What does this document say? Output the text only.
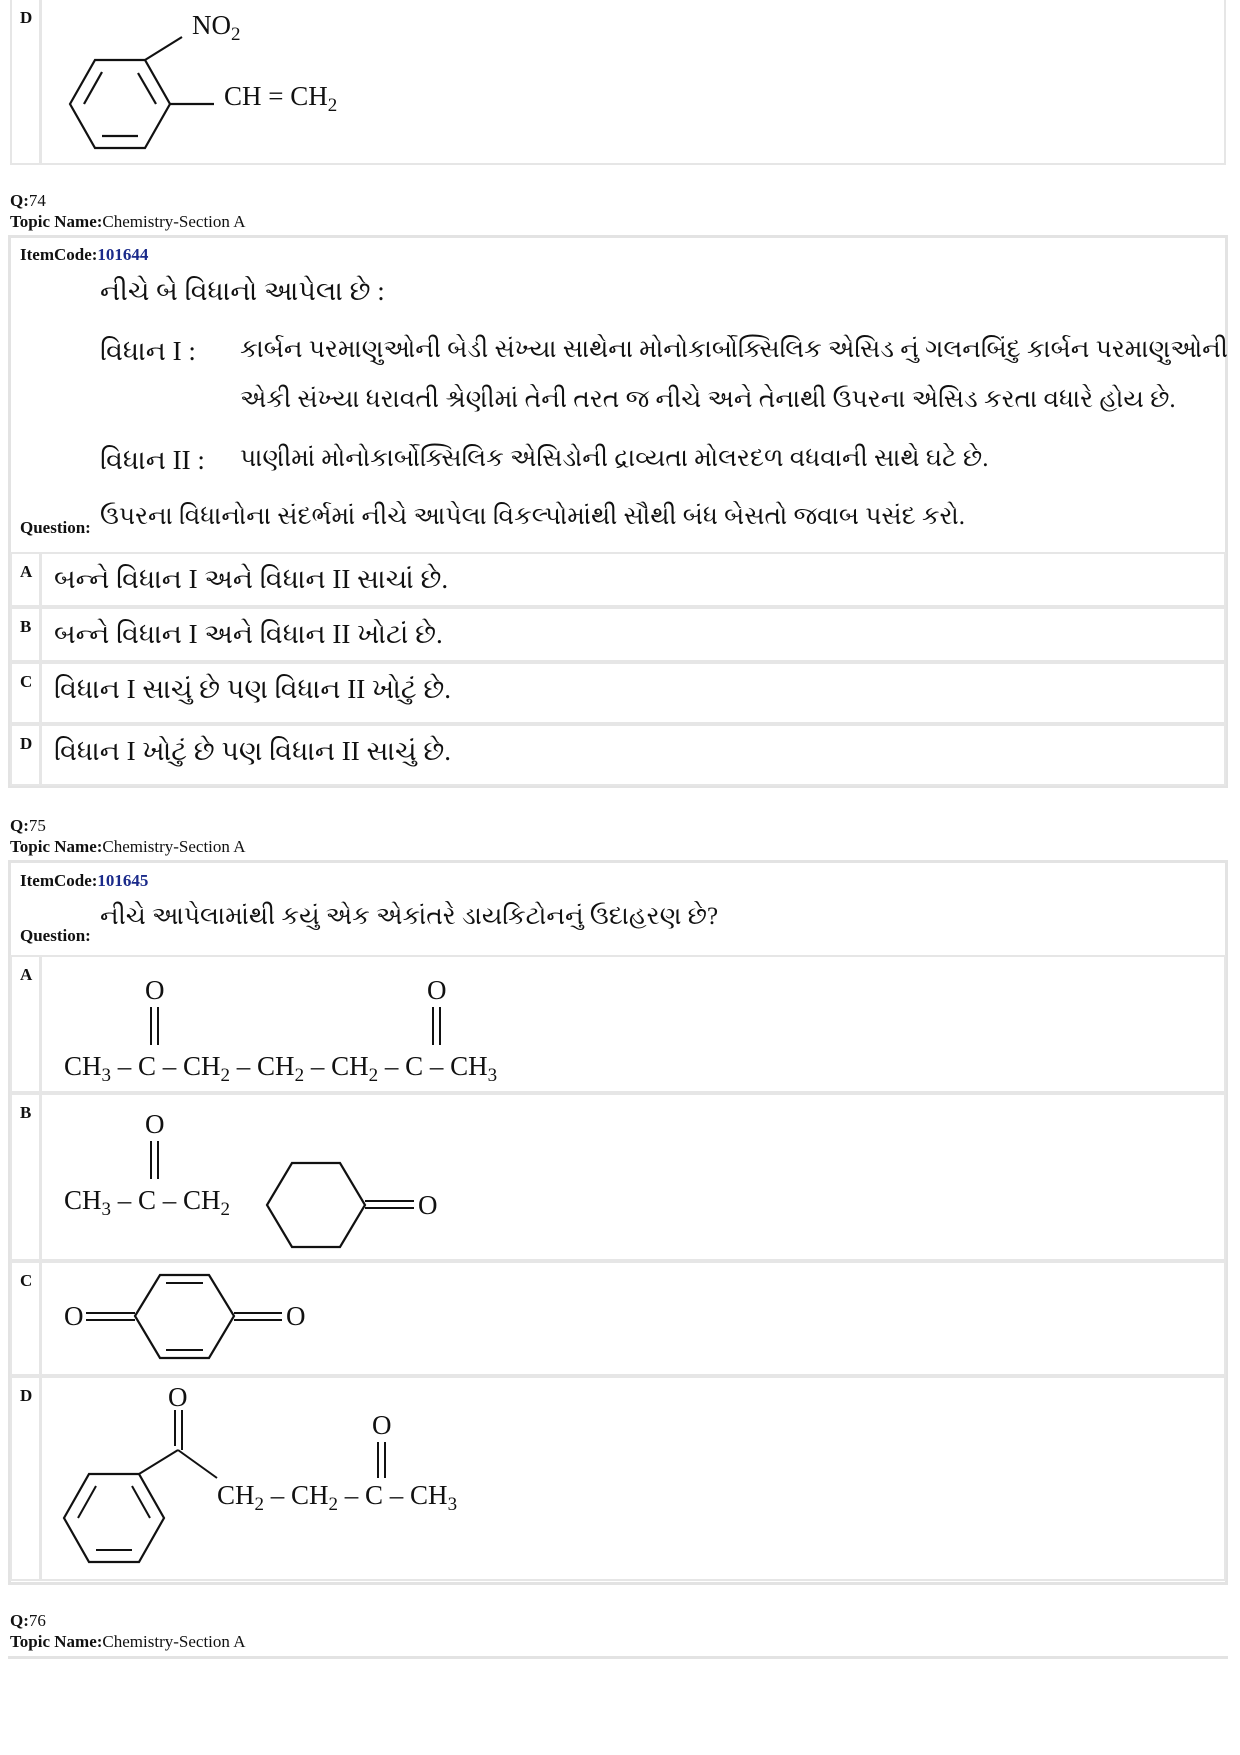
D	$NO_2$
CH = $CH_2$
Q:74
Topic Name:Chemistry-Section A
ItemCode:101644
નીચે બે વિધાનો આપેલા છે :
વિધાન I : કાર્બન પરમાણુઓની બેડી સંખ્યા સાથેના મોનોકાર્બોક્સિલિક એસિડ નું ગલનબિંદુ કાર્બન પરમાણુઓની
એકી સંખ્યા ધરાવતી શ્રેણીમાં તેની તરત જ નીચે અને તેનાથી ઉપરના એસિડ કરતા વધારે હોય છે.
વિધાન II : પાણીમાં મોનોકાર્બોક્સિલિક એસિડોની દ્રાવ્યતા મોલરદળ વધવાની સાથે ઘટે છે.
Question: ઉપરના વિધાનોના સંદર્ભમાં નીચે આપેલા વિકલ્પોમાંથી સૌથી બંધ બેસતો જવાબ પસંદ કરો.
A બન્ને વિધાન I અને વિધાન II સાચાં છે.
B બન્ને વિધાન I અને વિધાન II ખોટાં છે.
C વિધાન I સાચું છે પણ વિધાન II ખોટું છે.
D વિધાન I ખોટું છે પણ વિધાન II સાચું છે.
Q:75
Topic Name:Chemistry-Section A
ItemCode:101645
Question:
નીચે આપેલામાંથી કયું એક એકાંતરે ડાયકિટોનનું ઉદાહરણ છે?
A
O	O
$CH_3$ – C – $CH_2 - CH_2 - CH_2$ – C – $CH_3$
B	O
$CH_3$ – C – $CH_2$	O
C
O	O
D	O
O
$CH_2 - CH_2$ – C – $CH_3$
Q:76
Topic Name:Chemistry-Section A
